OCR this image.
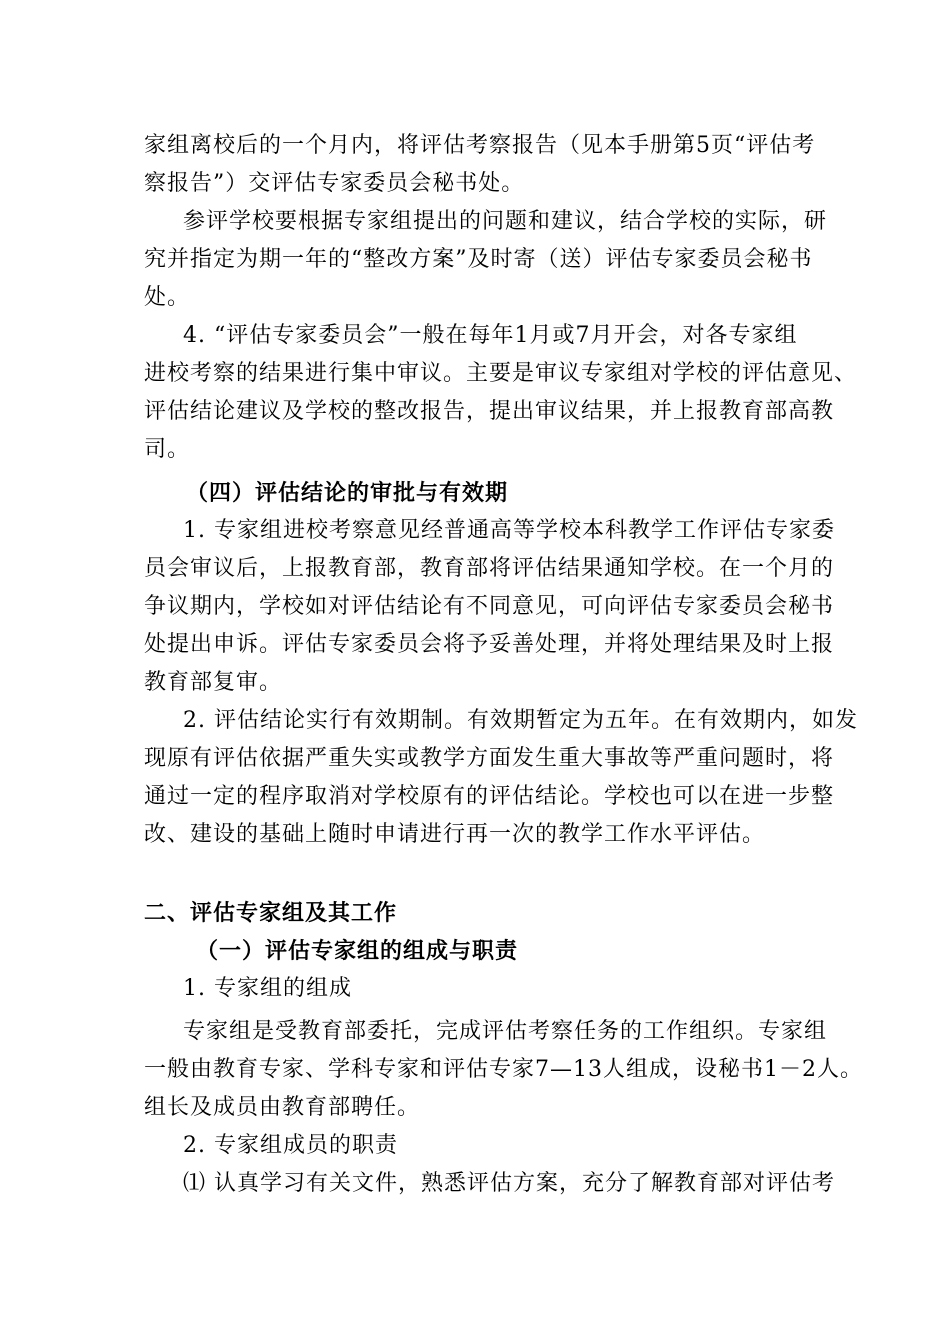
家组离校后的一个月内，将评估考察报告（见本手册第5页“评估考
察报告”）交评估专家委员会秘书处。
参评学校要根据专家组提出的问题和建议，结合学校的实际，研
究并指定为期一年的“整改方案”及时寄（送）评估专家委员会秘书
处。
4. “评估专家委员会”一般在每年1月或7月开会，对各专家组
进校考察的结果进行集中审议。主要是审议专家组对学校的评估意见、
评估结论建议及学校的整改报告，提出审议结果，并上报教育部高教
司。
（四）评估结论的审批与有效期
1. 专家组进校考察意见经普通高等学校本科教学工作评估专家委
员会审议后，上报教育部，教育部将评估结果通知学校。在一个月的
争议期内，学校如对评估结论有不同意见，可向评估专家委员会秘书
处提出申诉。评估专家委员会将予妥善处理，并将处理结果及时上报
教育部复审。
2. 评估结论实行有效期制。有效期暂定为五年。在有效期内，如发
现原有评估依据严重失实或教学方面发生重大事故等严重问题时，将
通过一定的程序取消对学校原有的评估结论。学校也可以在进一步整
改、建设的基础上随时申请进行再一次的教学工作水平评估。
二、评估专家组及其工作
（一）评估专家组的组成与职责
1. 专家组的组成
专家组是受教育部委托，完成评估考察任务的工作组织。专家组
一般由教育专家、学科专家和评估专家7—13人组成，设秘书1－2人。
组长及成员由教育部聘任。
2. 专家组成员的职责
⑴ 认真学习有关文件，熟悉评估方案，充分了解教育部对评估考
